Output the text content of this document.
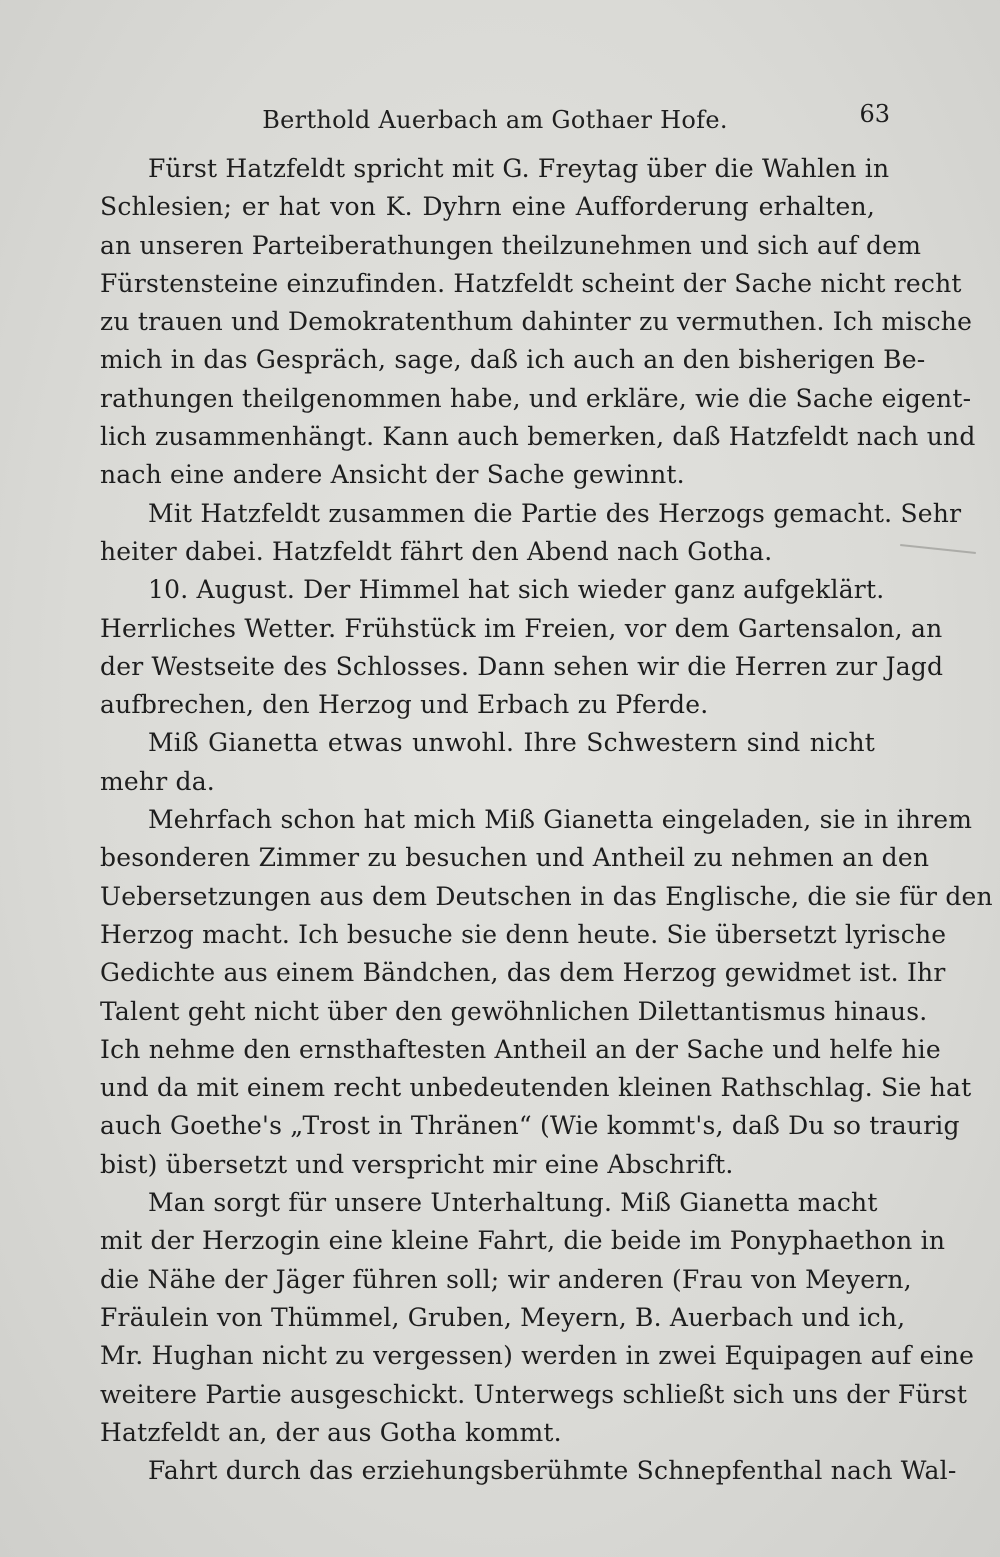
Berthold Auerbach am Gothaer Hofe.	63
Fürst Hatzfeldt spricht mit G. Freytag über die Wahlen in
Schlesien; er hat von K. Dyhrn eine Aufforderung erhalten,
an unseren Parteiberathungen theilzunehmen und sich auf dem
Fürstensteine einzufinden. Hatzfeldt scheint der Sache nicht recht
zu trauen und Demokratenthum dahinter zu vermuthen. Ich mische
mich in das Gespräch, sage, daß ich auch an den bisherigen Be-
rathungen theilgenommen habe, und erkläre, wie die Sache eigent-
lich zusammenhängt. Kann auch bemerken, daß Hatzfeldt nach und
nach eine andere Ansicht der Sache gewinnt.
Mit Hatzfeldt zusammen die Partie des Herzogs gemacht. Sehr
heiter dabei. Hatzfeldt fährt den Abend nach Gotha.
10. August. Der Himmel hat sich wieder ganz aufgeklärt.
Herrliches Wetter. Frühstück im Freien, vor dem Gartensalon, an
der Westseite des Schlosses. Dann sehen wir die Herren zur Jagd
aufbrechen, den Herzog und Erbach zu Pferde.
Miß Gianetta etwas unwohl. Ihre Schwestern sind nicht
mehr da.
Mehrfach schon hat mich Miß Gianetta eingeladen, sie in ihrem
besonderen Zimmer zu besuchen und Antheil zu nehmen an den
Uebersetzungen aus dem Deutschen in das Englische, die sie für den
Herzog macht. Ich besuche sie denn heute. Sie übersetzt lyrische
Gedichte aus einem Bändchen, das dem Herzog gewidmet ist. Ihr
Talent geht nicht über den gewöhnlichen Dilettantismus hinaus.
Ich nehme den ernsthaftesten Antheil an der Sache und helfe hie
und da mit einem recht unbedeutenden kleinen Rathschlag. Sie hat
auch Goethe's „Trost in Thränen“ (Wie kommt's, daß Du so traurig
bist) übersetzt und verspricht mir eine Abschrift.
Man sorgt für unsere Unterhaltung. Miß Gianetta macht
mit der Herzogin eine kleine Fahrt, die beide im Ponyphaethon in
die Nähe der Jäger führen soll; wir anderen (Frau von Meyern,
Fräulein von Thümmel, Gruben, Meyern, B. Auerbach und ich,
Mr. Hughan nicht zu vergessen) werden in zwei Equipagen auf eine
weitere Partie ausgeschickt. Unterwegs schließt sich uns der Fürst
Hatzfeldt an, der aus Gotha kommt.
Fahrt durch das erziehungsberühmte Schnepfenthal nach Wal-
